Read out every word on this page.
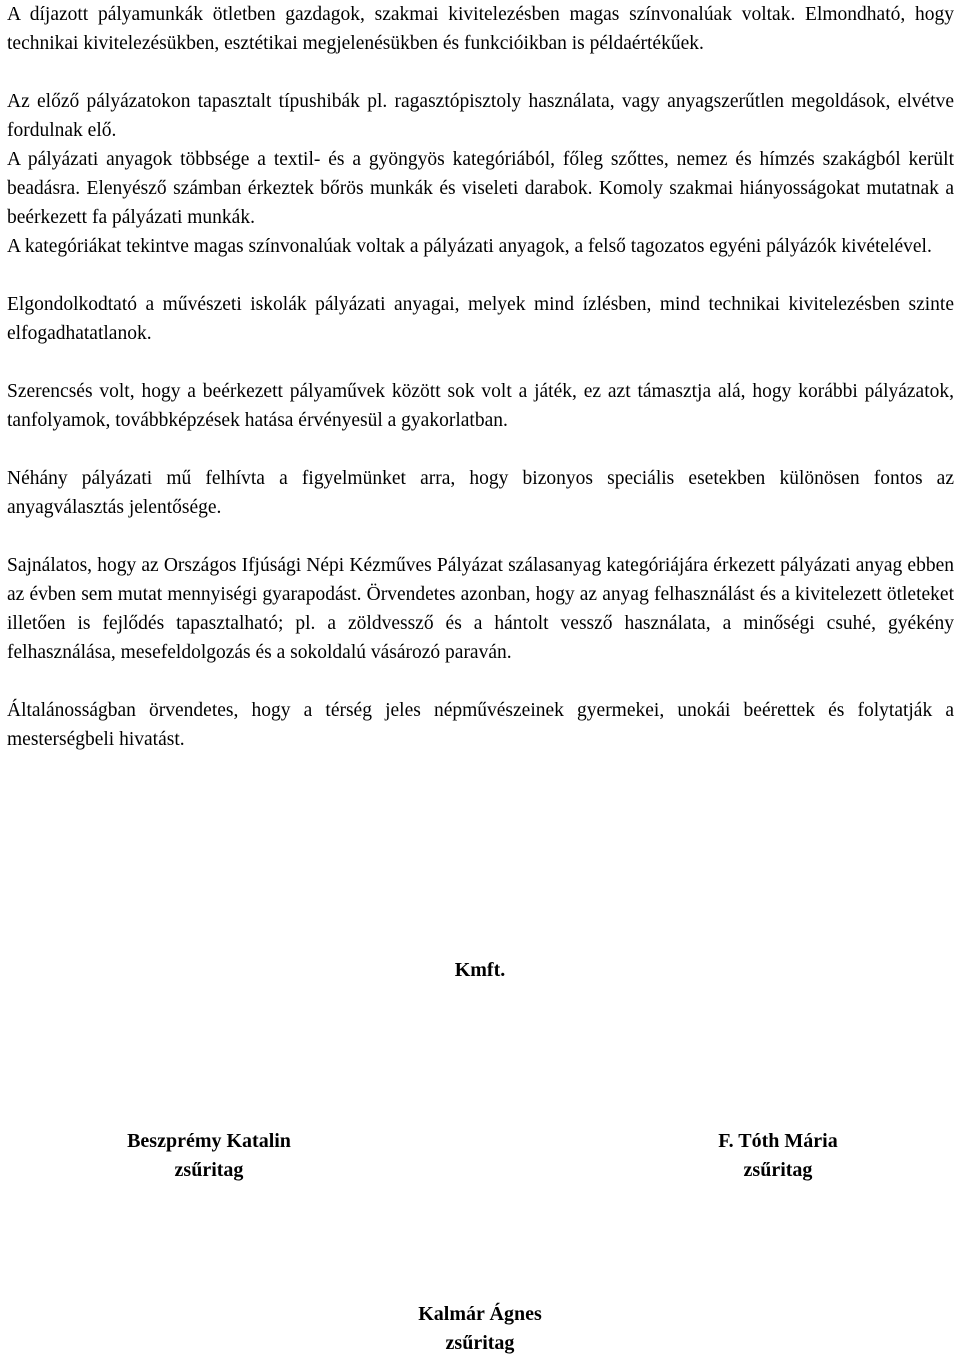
A díjazott pályamunkák ötletben gazdagok, szakmai kivitelezésben magas színvonalúak voltak. Elmondható, hogy technikai kivitelezésükben, esztétikai megjelenésükben és funkcióikban is példaértékűek.

Az előző pályázatokon tapasztalt típushibák pl. ragasztópisztoly használata, vagy anyagszerűtlen megoldások, elvétve fordulnak elő.

A pályázati anyagok többsége a textil- és a gyöngyös kategóriából, főleg szőttes, nemez és hímzés szakágból került beadásra. Elenyésző számban érkeztek bőrös munkák és viseleti darabok. Komoly szakmai hiányosságokat mutatnak a beérkezett fa pályázati munkák.

A kategóriákat tekintve magas színvonalúak voltak a pályázati anyagok, a felső tagozatos egyéni pályázók kivételével.

Elgondolkodtató a művészeti iskolák pályázati anyagai, melyek mind ízlésben, mind technikai kivitelezésben szinte elfogadhatatlanok.

Szerencsés volt, hogy a beérkezett pályaművek között sok volt a játék, ez azt támasztja alá, hogy korábbi pályázatok, tanfolyamok, továbbképzések hatása érvényesül a gyakorlatban.

Néhány pályázati mű felhívta a figyelmünket arra, hogy bizonyos speciális esetekben különösen fontos az anyagválasztás jelentősége.

Sajnálatos, hogy az Országos Ifjúsági Népi Kézműves Pályázat szálasanyag kategóriájára érkezett pályázati anyag ebben az évben sem mutat mennyiségi gyarapodást. Örvendetes azonban, hogy az anyag felhasználást és a kivitelezett ötleteket illetően is fejlődés tapasztalható; pl. a zöldvessző és a hántolt vessző használata, a minőségi csuhé, gyékény felhasználása, mesefeldolgozás és a sokoldalú vásározó paraván.

Általánosságban örvendetes, hogy a térség jeles népművészeinek gyermekei, unokái beérettek és folytatják a mesterségbeli hivatást.

Kmft.
Beszprémy Katalin
zsűritag
F. Tóth Mária
zsűritag
Kalmár Ágnes
zsűritag
